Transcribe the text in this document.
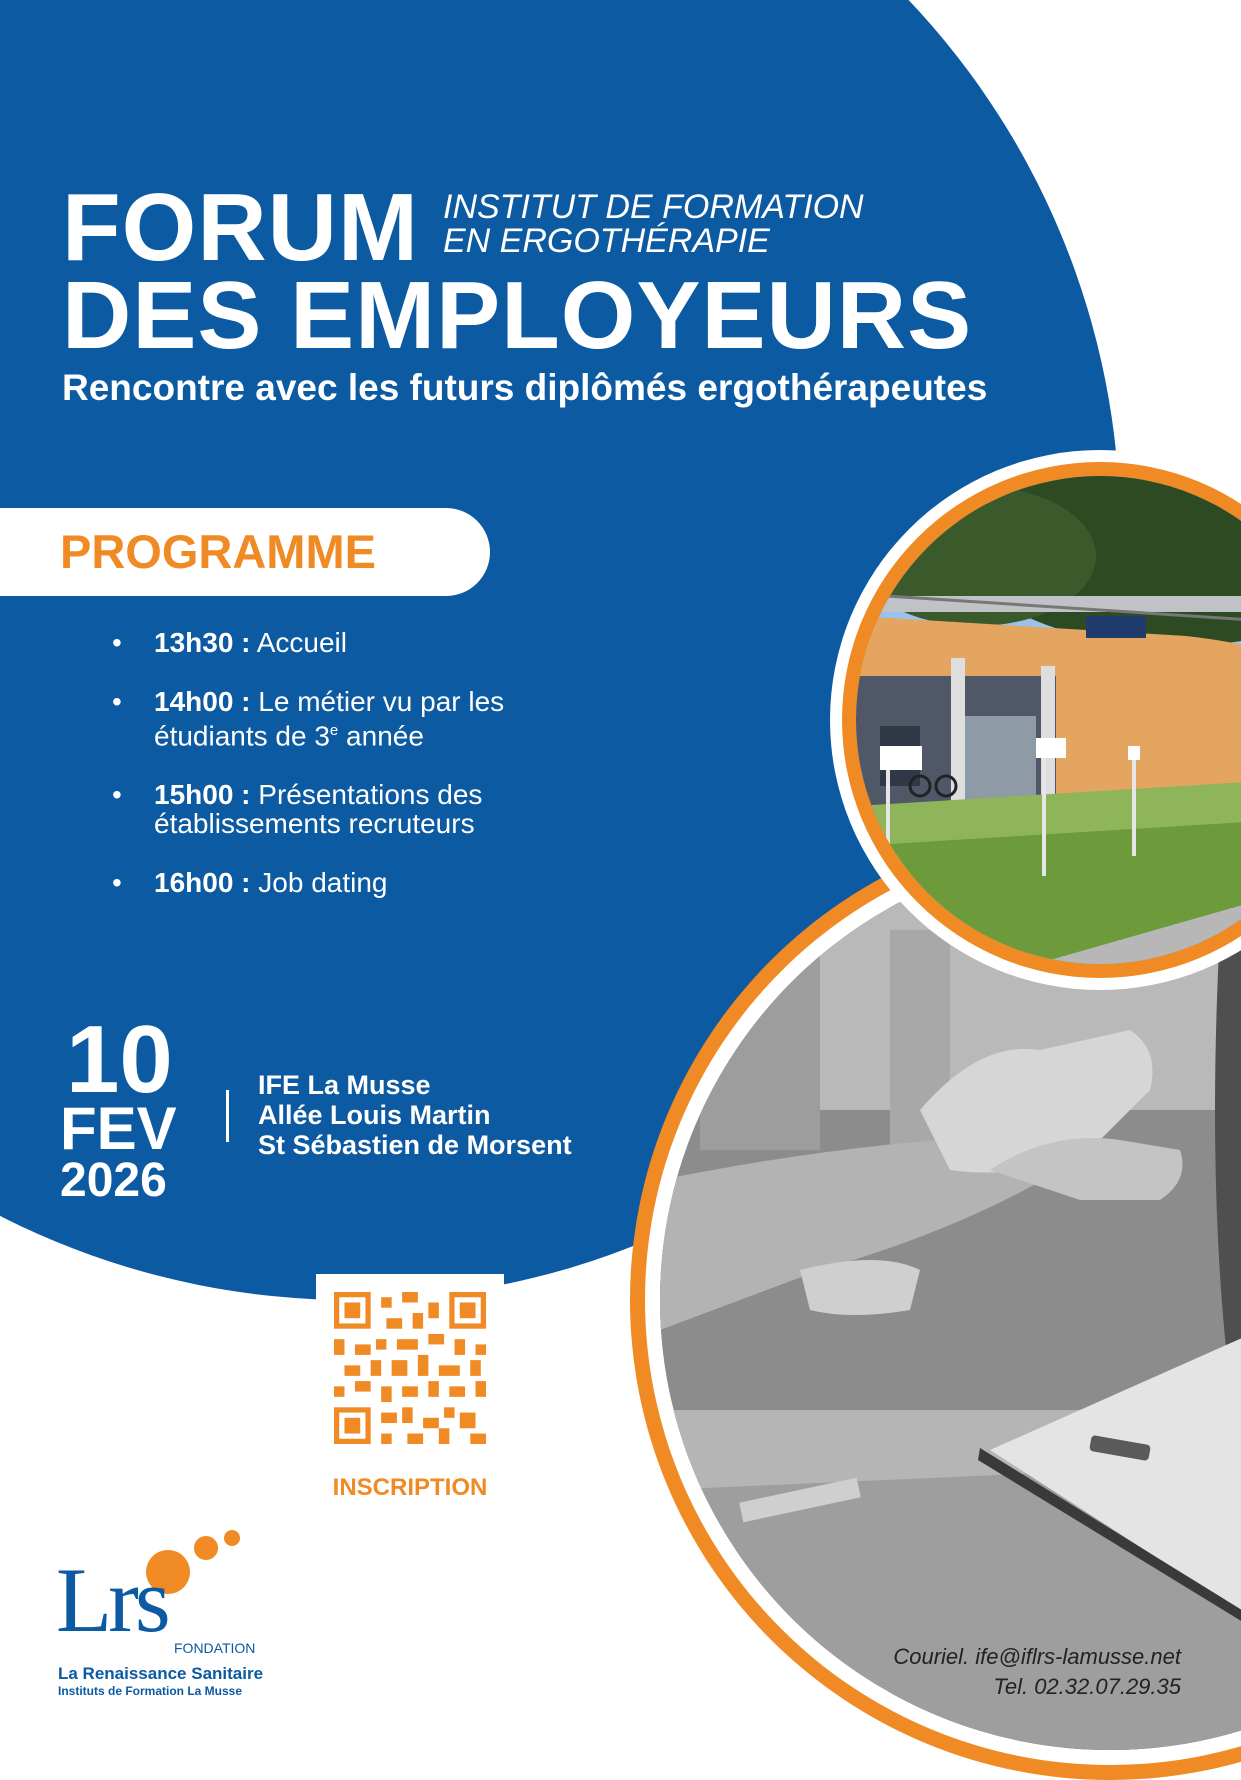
FORUM INSTITUT DE FORMATION
EN ERGOTHÉRAPIE
DES EMPLOYEURS
Rencontre avec les futurs diplômés ergothérapeutes
PROGRAMME
• 13h30 : Accueil
• 14h00 : Le métier vu par les étudiants de 3e année
• 15h00 : Présentations des établissements recruteurs
• 16h00 : Job dating
10
FEV
2026
IFE La Musse
Allée Louis Martin
St Sébastien de Morsent
INSCRIPTION
Lrs FONDATION
La Renaissance Sanitaire
Instituts de Formation La Musse
Couriel. ife@iflrs-lamusse.net
Tel. 02.32.07.29.35
